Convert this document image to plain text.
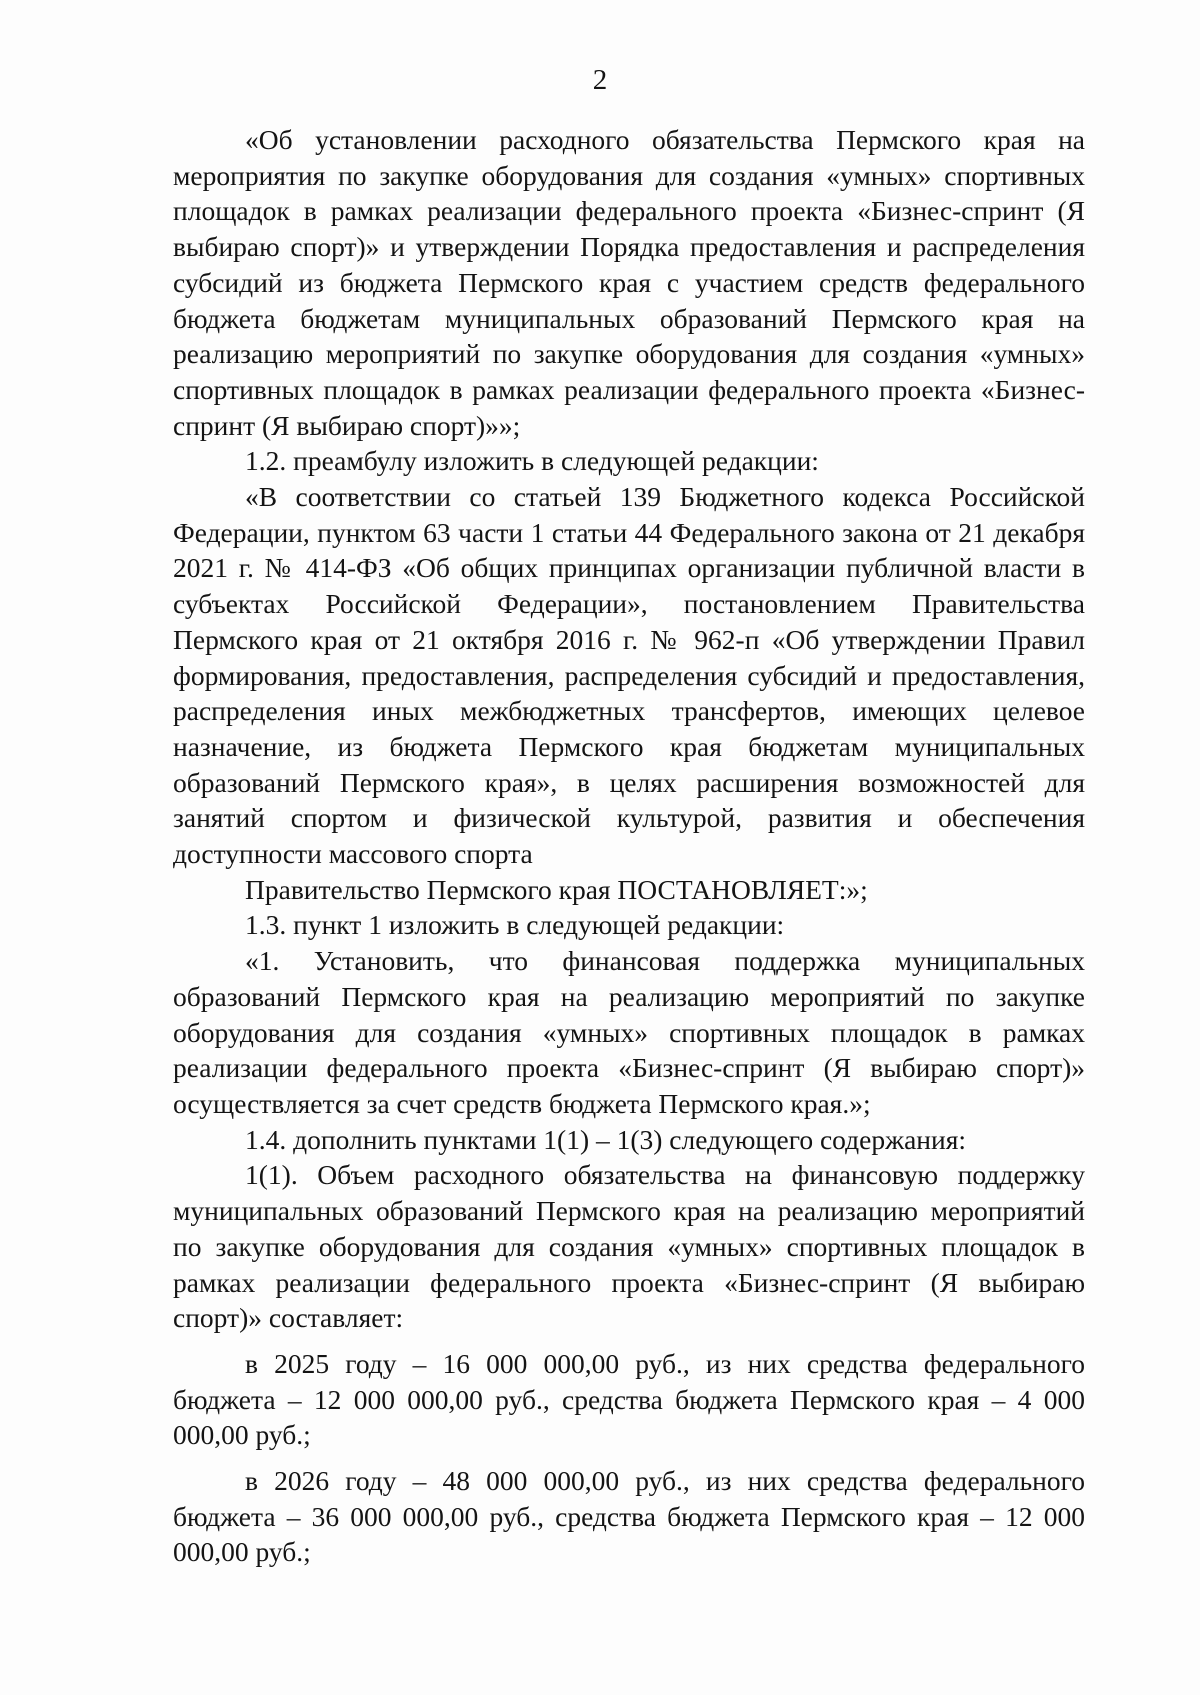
2

«Об установлении расходного обязательства Пермского края на мероприятия по закупке оборудования для создания «умных» спортивных площадок в рамках реализации федерального проекта «Бизнес-спринт (Я выбираю спорт)» и утверждении Порядка предоставления и распределения субсидий из бюджета Пермского края с участием средств федерального бюджета бюджетам муниципальных образований Пермского края на реализацию мероприятий по закупке оборудования для создания «умных» спортивных площадок в рамках реализации федерального проекта «Бизнес-спринт (Я выбираю спорт)»»;

1.2. преамбулу изложить в следующей редакции:

«В соответствии со статьей 139 Бюджетного кодекса Российской Федерации, пунктом 63 части 1 статьи 44 Федерального закона от 21 декабря 2021 г. № 414-ФЗ «Об общих принципах организации публичной власти в субъектах Российской Федерации», постановлением Правительства Пермского края от 21 октября 2016 г. № 962-п «Об утверждении Правил формирования, предоставления, распределения субсидий и предоставления, распределения иных межбюджетных трансфертов, имеющих целевое назначение, из бюджета Пермского края бюджетам муниципальных образований Пермского края», в целях расширения возможностей для занятий спортом и физической культурой, развития и обеспечения доступности массового спорта

Правительство Пермского края ПОСТАНОВЛЯЕТ:»;

1.3. пункт 1 изложить в следующей редакции:

«1. Установить, что финансовая поддержка муниципальных образований Пермского края на реализацию мероприятий по закупке оборудования для создания «умных» спортивных площадок в рамках реализации федерального проекта «Бизнес-спринт (Я выбираю спорт)» осуществляется за счет средств бюджета Пермского края.»;

1.4. дополнить пунктами 1(1) – 1(3) следующего содержания:

1(1). Объем расходного обязательства на финансовую поддержку муниципальных образований Пермского края на реализацию мероприятий по закупке оборудования для создания «умных» спортивных площадок в рамках реализации федерального проекта «Бизнес-спринт (Я выбираю спорт)» составляет:

в 2025 году – 16 000 000,00 руб., из них средства федерального бюджета – 12 000 000,00 руб., средства бюджета Пермского края – 4 000 000,00 руб.;

в 2026 году – 48 000 000,00 руб., из них средства федерального бюджета – 36 000 000,00 руб., средства бюджета Пермского края – 12 000 000,00 руб.;
